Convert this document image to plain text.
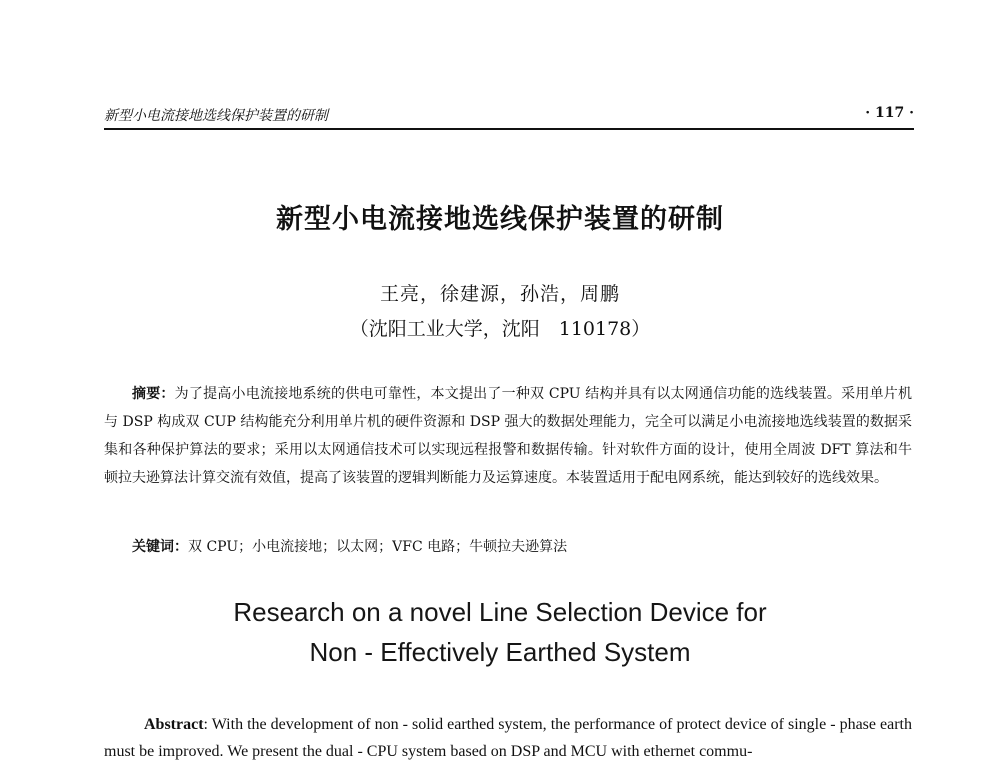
新型小电流接地选线保护装置的研制	· 117 ·
新型小电流接地选线保护装置的研制
王亮，徐建源，孙浩，周鹏
（沈阳工业大学，沈阳　110178）
摘要：为了提高小电流接地系统的供电可靠性，本文提出了一种双 CPU 结构并具有以太网通信功能的选线装置。采用单片机与 DSP 构成双 CUP 结构能充分利用单片机的硬件资源和 DSP 强大的数据处理能力，完全可以满足小电流接地选线装置的数据采集和各种保护算法的要求；采用以太网通信技术可以实现远程报警和数据传输。针对软件方面的设计，使用全周波 DFT 算法和牛顿拉夫逊算法计算交流有效值，提高了该装置的逻辑判断能力及运算速度。本装置适用于配电网系统，能达到较好的选线效果。
关键词：双 CPU；小电流接地；以太网；VFC 电路；牛顿拉夫逊算法
Research on a novel Line Selection Device for
Non - Effectively Earthed System
Abstract: With the development of non - solid earthed system, the performance of protect device of single - phase earth must be improved. We present the dual - CPU system based on DSP and MCU with ethernet commu-
